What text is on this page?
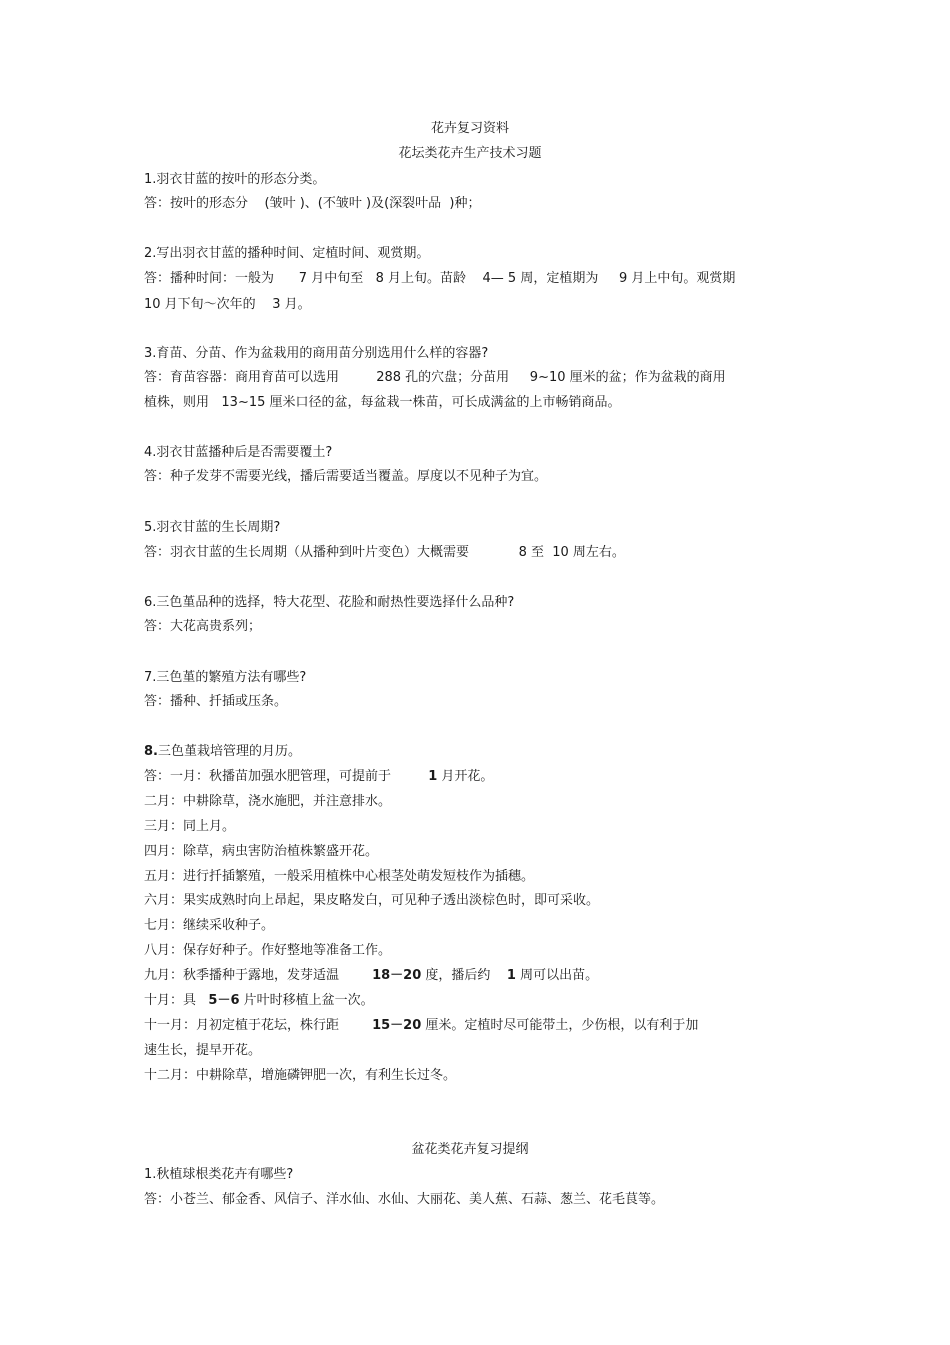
花卉复习资料
花坛类花卉生产技术习题
1.羽衣甘蓝的按叶的形态分类。
答：按叶的形态分    (皱叶 )、(不皱叶 )及(深裂叶品  )种；
2.写出羽衣甘蓝的播种时间、定植时间、观赏期。
答：播种时间：一般为      7 月中旬至   8 月上旬。苗龄    4— 5 周，定植期为     9 月上中旬。观赏期
10 月下旬～次年的    3 月。
3.育苗、分苗、作为盆栽用的商用苗分别选用什么样的容器?
答：育苗容器：商用育苗可以选用         288 孔的穴盘；分苗用     9~10 厘米的盆；作为盆栽的商用
植株，则用   13~15 厘米口径的盆，每盆栽一株苗，可长成满盆的上市畅销商品。
4.羽衣甘蓝播种后是否需要覆土?
答：种子发芽不需要光线，播后需要适当覆盖。厚度以不见种子为宜。
5.羽衣甘蓝的生长周期?
答：羽衣甘蓝的生长周期（从播种到叶片变色）大概需要            8 至  10 周左右。
6.三色堇品种的选择，特大花型、花脸和耐热性要选择什么品种?
答：大花高贵系列；
7.三色堇的繁殖方法有哪些?
答：播种、扦插或压条。
8.三色堇栽培管理的月历。
答：一月：秋播苗加强水肥管理，可提前于         1 月开花。
二月：中耕除草，浇水施肥，并注意排水。
三月：同上月。
四月：除草，病虫害防治植株繁盛开花。
五月：进行扦插繁殖，一般采用植株中心根茎处萌发短枝作为插穗。
六月：果实成熟时向上昂起，果皮略发白，可见种子透出淡棕色时，即可采收。
七月：继续采收种子。
八月：保存好种子。作好整地等准备工作。
九月：秋季播种于露地，发芽适温        18－20 度，播后约    1 周可以出苗。
十月：具   5－6 片叶时移植上盆一次。
十一月：月初定植于花坛，株行距        15－20 厘米。定植时尽可能带土，少伤根，以有利于加
速生长，提早开花。
十二月：中耕除草，增施磷钾肥一次，有利生长过冬。
盆花类花卉复习提纲
1.秋植球根类花卉有哪些?
答：小苍兰、郁金香、风信子、洋水仙、水仙、大丽花、美人蕉、石蒜、葱兰、花毛茛等。
